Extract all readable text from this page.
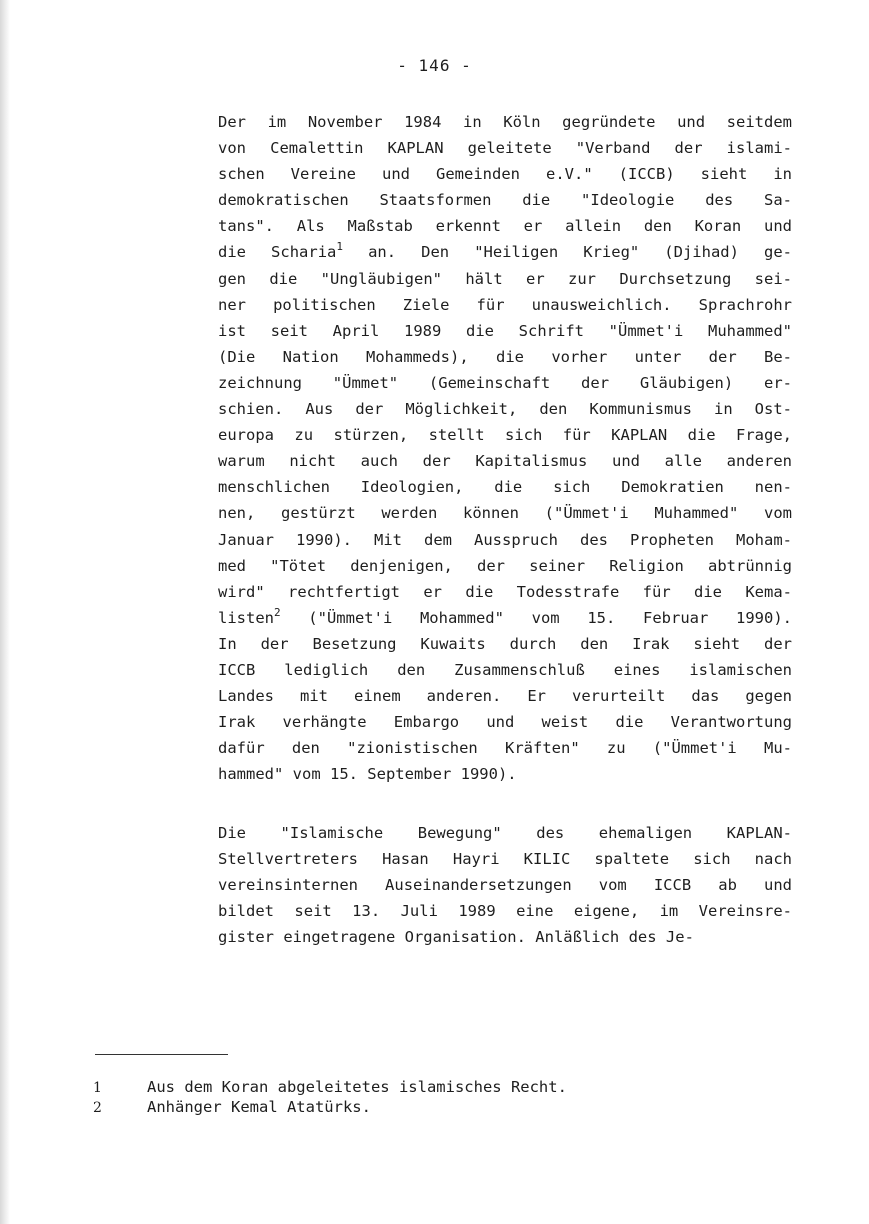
- 146 -
Der im November 1984 in Köln gegründete und seitdem
von Cemalettin KAPLAN geleitete "Verband der islami-
schen Vereine und Gemeinden e.V." (ICCB) sieht in
demokratischen Staatsformen die "Ideologie des Sa-
tans". Als Maßstab erkennt er allein den Koran und
die Scharia$^1$ an. Den "Heiligen Krieg" (Djihad) ge-
gen die "Ungläubigen" hält er zur Durchsetzung sei-
ner politischen Ziele für unausweichlich. Sprachrohr
ist seit April 1989 die Schrift "Ümmet'i Muhammed"
(Die Nation Mohammeds), die vorher unter der Be-
zeichnung "Ümmet" (Gemeinschaft der Gläubigen) er-
schien. Aus der Möglichkeit, den Kommunismus in Ost-
europa zu stürzen, stellt sich für KAPLAN die Frage,
warum nicht auch der Kapitalismus und alle anderen
menschlichen Ideologien, die sich Demokratien nen-
nen, gestürzt werden können ("Ümmet'i Muhammed" vom
Januar 1990). Mit dem Ausspruch des Propheten Moham-
med "Tötet denjenigen, der seiner Religion abtrünnig
wird" rechtfertigt er die Todesstrafe für die Kema-
listen$^2$ ("Ümmet'i Mohammed" vom 15. Februar 1990).
In der Besetzung Kuwaits durch den Irak sieht der
ICCB lediglich den Zusammenschluß eines islamischen
Landes mit einem anderen. Er verurteilt das gegen
Irak verhängte Embargo und weist die Verantwortung
dafür den "zionistischen Kräften" zu ("Ümmet'i Mu-
hammed" vom 15. September 1990).
Die "Islamische Bewegung" des ehemaligen KAPLAN-
Stellvertreters Hasan Hayri KILIC spaltete sich nach
vereinsinternen Auseinandersetzungen vom ICCB ab und
bildet seit 13. Juli 1989 eine eigene, im Vereinsre-
gister eingetragene Organisation. Anläßlich des Je-
1	Aus dem Koran abgeleitetes islamisches Recht.
2	Anhänger Kemal Atatürks.
